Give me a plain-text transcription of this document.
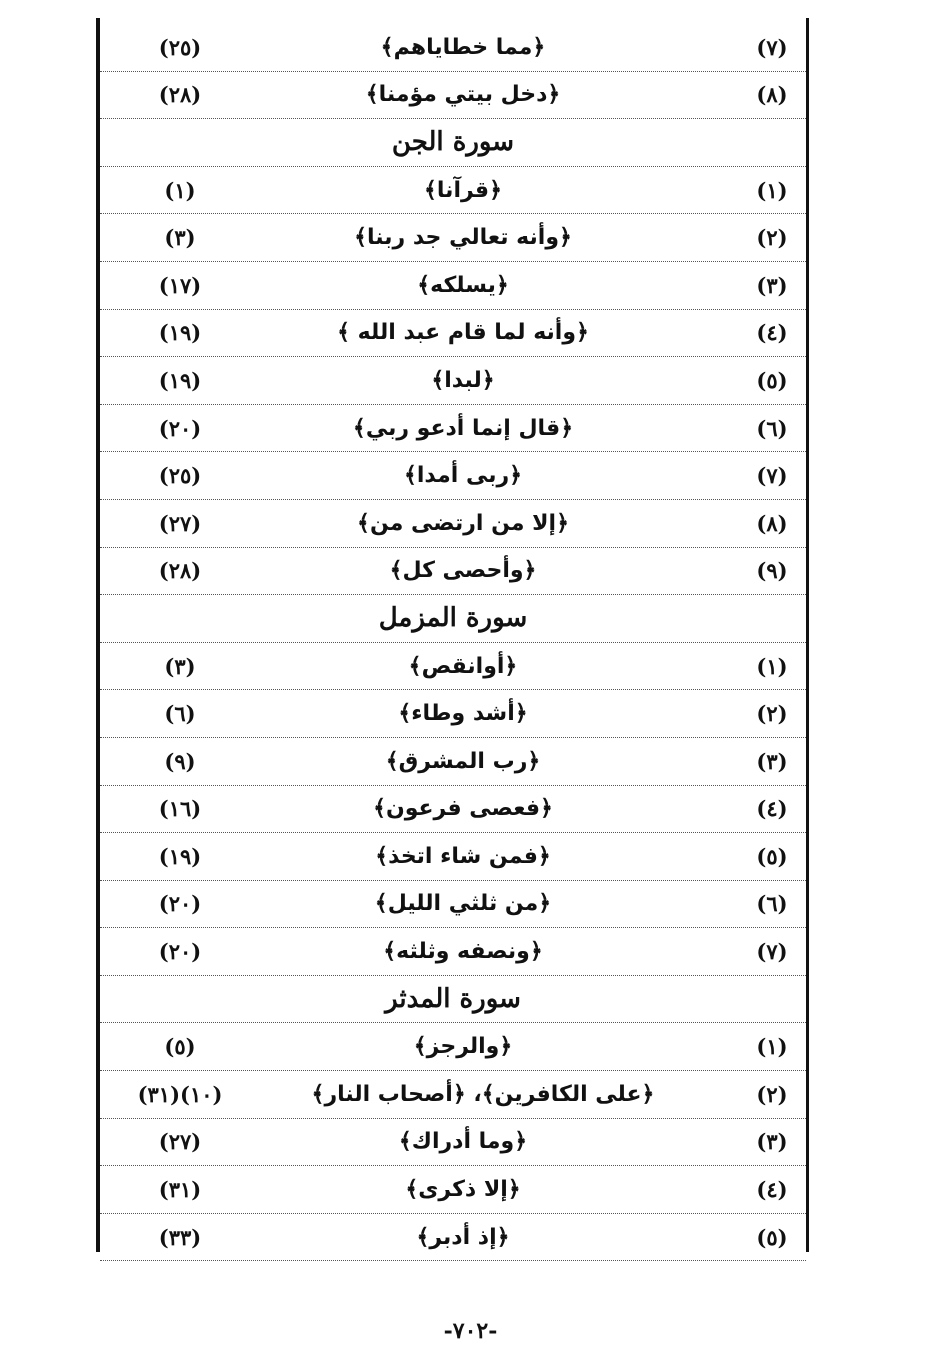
(٧)
﴿مما خطاياهم﴾
(٢٥)
(٨)
﴿دخل بيتي مؤمنا﴾
(٢٨)
سورة الجن
(١)
﴿قرآنا﴾
(١)
(٢)
﴿وأنه تعالي جد ربنا﴾
(٣)
(٣)
﴿يسلكه﴾
(١٧)
(٤)
﴿وأنه لما قام عبد الله ﴾
(١٩)
(٥)
﴿لبدا﴾
(١٩)
(٦)
﴿قال إنما أدعو ربي﴾
(٢٠)
(٧)
﴿ربى أمدا﴾
(٢٥)
(٨)
﴿إلا من ارتضى من﴾
(٢٧)
(٩)
﴿وأحصى كل﴾
(٢٨)
سورة المزمل
(١)
﴿أوانقص﴾
(٣)
(٢)
﴿أشد وطاء﴾
(٦)
(٣)
﴿رب المشرق﴾
(٩)
(٤)
﴿فعصى فرعون﴾
(١٦)
(٥)
﴿فمن شاء اتخذ﴾
(١٩)
(٦)
﴿من ثلثي الليل﴾
(٢٠)
(٧)
﴿ونصفه وثلثه﴾
(٢٠)
سورة المدثر
(١)
﴿والرجز﴾
(٥)
(٢)
﴿على الكافرين﴾، ﴿أصحاب النار﴾
(١٠)(٣١)
(٣)
﴿وما أدراك﴾
(٢٧)
(٤)
﴿إلا ذكرى﴾
(٣١)
(٥)
﴿إذ أدبر﴾
(٣٣)
-٧٠٢-
